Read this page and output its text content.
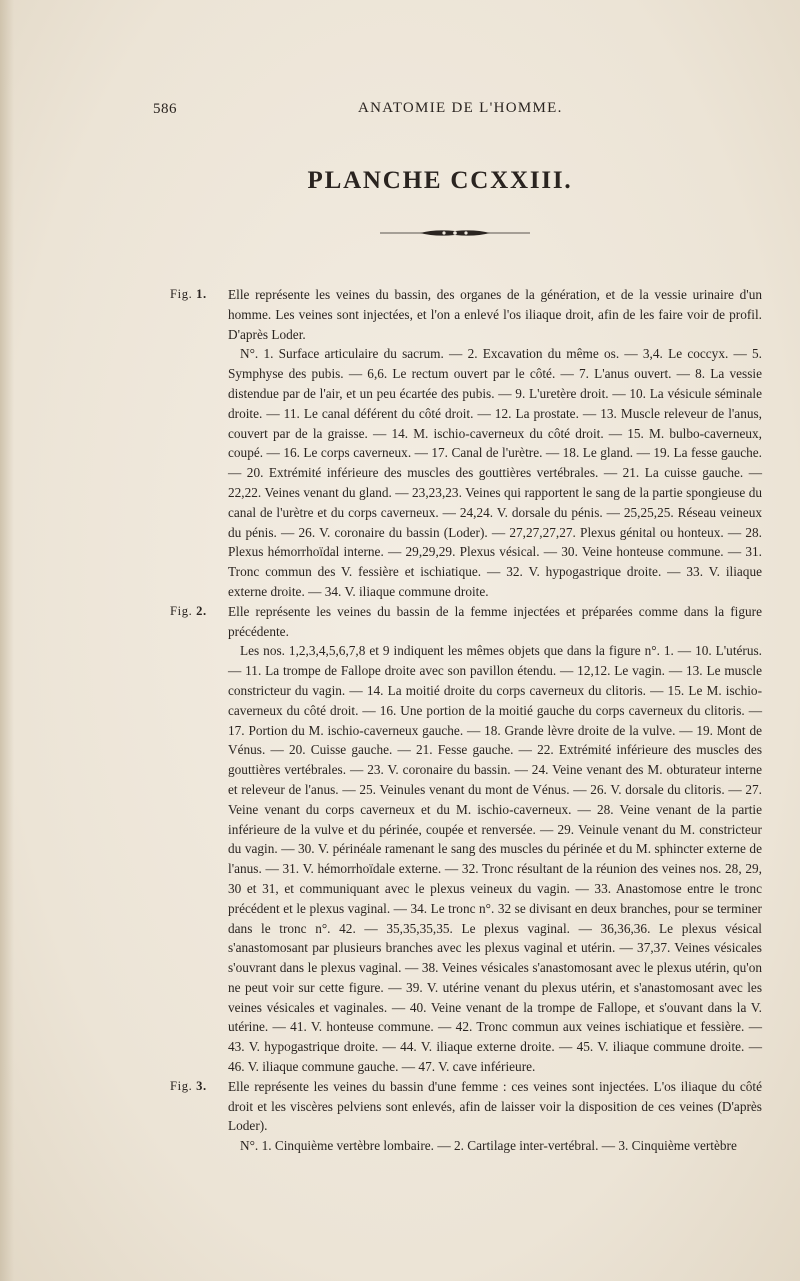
586	ANATOMIE DE L'HOMME.
PLANCHE CCXXIII.
Fig. 1. Elle représente les veines du bassin, des organes de la génération, et de la vessie urinaire d'un homme. Les veines sont injectées, et l'on a enlevé l'os iliaque droit, afin de les faire voir de profil. D'après Loder.

N°. 1. Surface articulaire du sacrum. — 2. Excavation du même os. — 3,4. Le coccyx. — 5. Symphyse des pubis. — 6,6. Le rectum ouvert par le côté. — 7. L'anus ouvert. — 8. La vessie distendue par de l'air, et un peu écartée des pubis. — 9. L'uretère droit. — 10. La vésicule séminale droite. — 11. Le canal déférent du côté droit. — 12. La prostate. — 13. Muscle releveur de l'anus, couvert par de la graisse. — 14. M. ischio-caverneux du côté droit. — 15. M. bulbo-caverneux, coupé. — 16. Le corps caverneux. — 17. Canal de l'urètre. — 18. Le gland. — 19. La fesse gauche. — 20. Extrémité inférieure des muscles des gouttières vertébrales. — 21. La cuisse gauche. — 22,22. Veines venant du gland. — 23,23,23. Veines qui rapportent le sang de la partie spongieuse du canal de l'urètre et du corps caverneux. — 24,24. V. dorsale du pénis. — 25,25,25. Réseau veineux du pénis. — 26. V. coronaire du bassin (Loder). — 27,27,27,27. Plexus génital ou honteux. — 28. Plexus hémorrhoïdal interne. — 29,29,29. Plexus vésical. — 30. Veine honteuse commune. — 31. Tronc commun des V. fessière et ischiatique. — 32. V. hypogastrique droite. — 33. V. iliaque externe droite. — 34. V. iliaque commune droite.

Fig. 2. Elle représente les veines du bassin de la femme injectées et préparées comme dans la figure précédente.

Les nos. 1,2,3,4,5,6,7,8 et 9 indiquent les mêmes objets que dans la figure n°. 1. — 10. L'utérus. — 11. La trompe de Fallope droite avec son pavillon étendu. — 12,12. Le vagin. — 13. Le muscle constricteur du vagin. — 14. La moitié droite du corps caverneux du clitoris. — 15. Le M. ischio-caverneux du côté droit. — 16. Une portion de la moitié gauche du corps caverneux du clitoris. — 17. Portion du M. ischio-caverneux gauche. — 18. Grande lèvre droite de la vulve. — 19. Mont de Vénus. — 20. Cuisse gauche. — 21. Fesse gauche. — 22. Extrémité inférieure des muscles des gouttières vertébrales. — 23. V. coronaire du bassin. — 24. Veine venant des M. obturateur interne et releveur de l'anus. — 25. Veinules venant du mont de Vénus. — 26. V. dorsale du clitoris. — 27. Veine venant du corps caverneux et du M. ischio-caverneux. — 28. Veine venant de la partie inférieure de la vulve et du périnée, coupée et renversée. — 29. Veinule venant du M. constricteur du vagin. — 30. V. périnéale ramenant le sang des muscles du périnée et du M. sphincter externe de l'anus. — 31. V. hémorrhoïdale externe. — 32. Tronc résultant de la réunion des veines nos. 28, 29, 30 et 31, et communiquant avec le plexus veineux du vagin. — 33. Anastomose entre le tronc précédent et le plexus vaginal. — 34. Le tronc n°. 32 se divisant en deux branches, pour se terminer dans le tronc n°. 42. — 35,35,35,35. Le plexus vaginal. — 36,36,36. Le plexus vésical s'anastomosant par plusieurs branches avec les plexus vaginal et utérin. — 37,37. Veines vésicales s'ouvrant dans le plexus vaginal. — 38. Veines vésicales s'anastomosant avec le plexus utérin, qu'on ne peut voir sur cette figure. — 39. V. utérine venant du plexus utérin, et s'anastomosant avec les veines vésicales et vaginales. — 40. Veine venant de la trompe de Fallope, et s'ouvant dans la V. utérine. — 41. V. honteuse commune. — 42. Tronc commun aux veines ischiatique et fessière. — 43. V. hypogastrique droite. — 44. V. iliaque externe droite. — 45. V. iliaque commune droite. — 46. V. iliaque commune gauche. — 47. V. cave inférieure.

Fig. 3. Elle représente les veines du bassin d'une femme : ces veines sont injectées. L'os iliaque du côté droit et les viscères pelviens sont enlevés, afin de laisser voir la disposition de ces veines (D'après Loder).

N°. 1. Cinquième vertèbre lombaire. — 2. Cartilage inter-vertébral. — 3. Cinquième vertèbre
